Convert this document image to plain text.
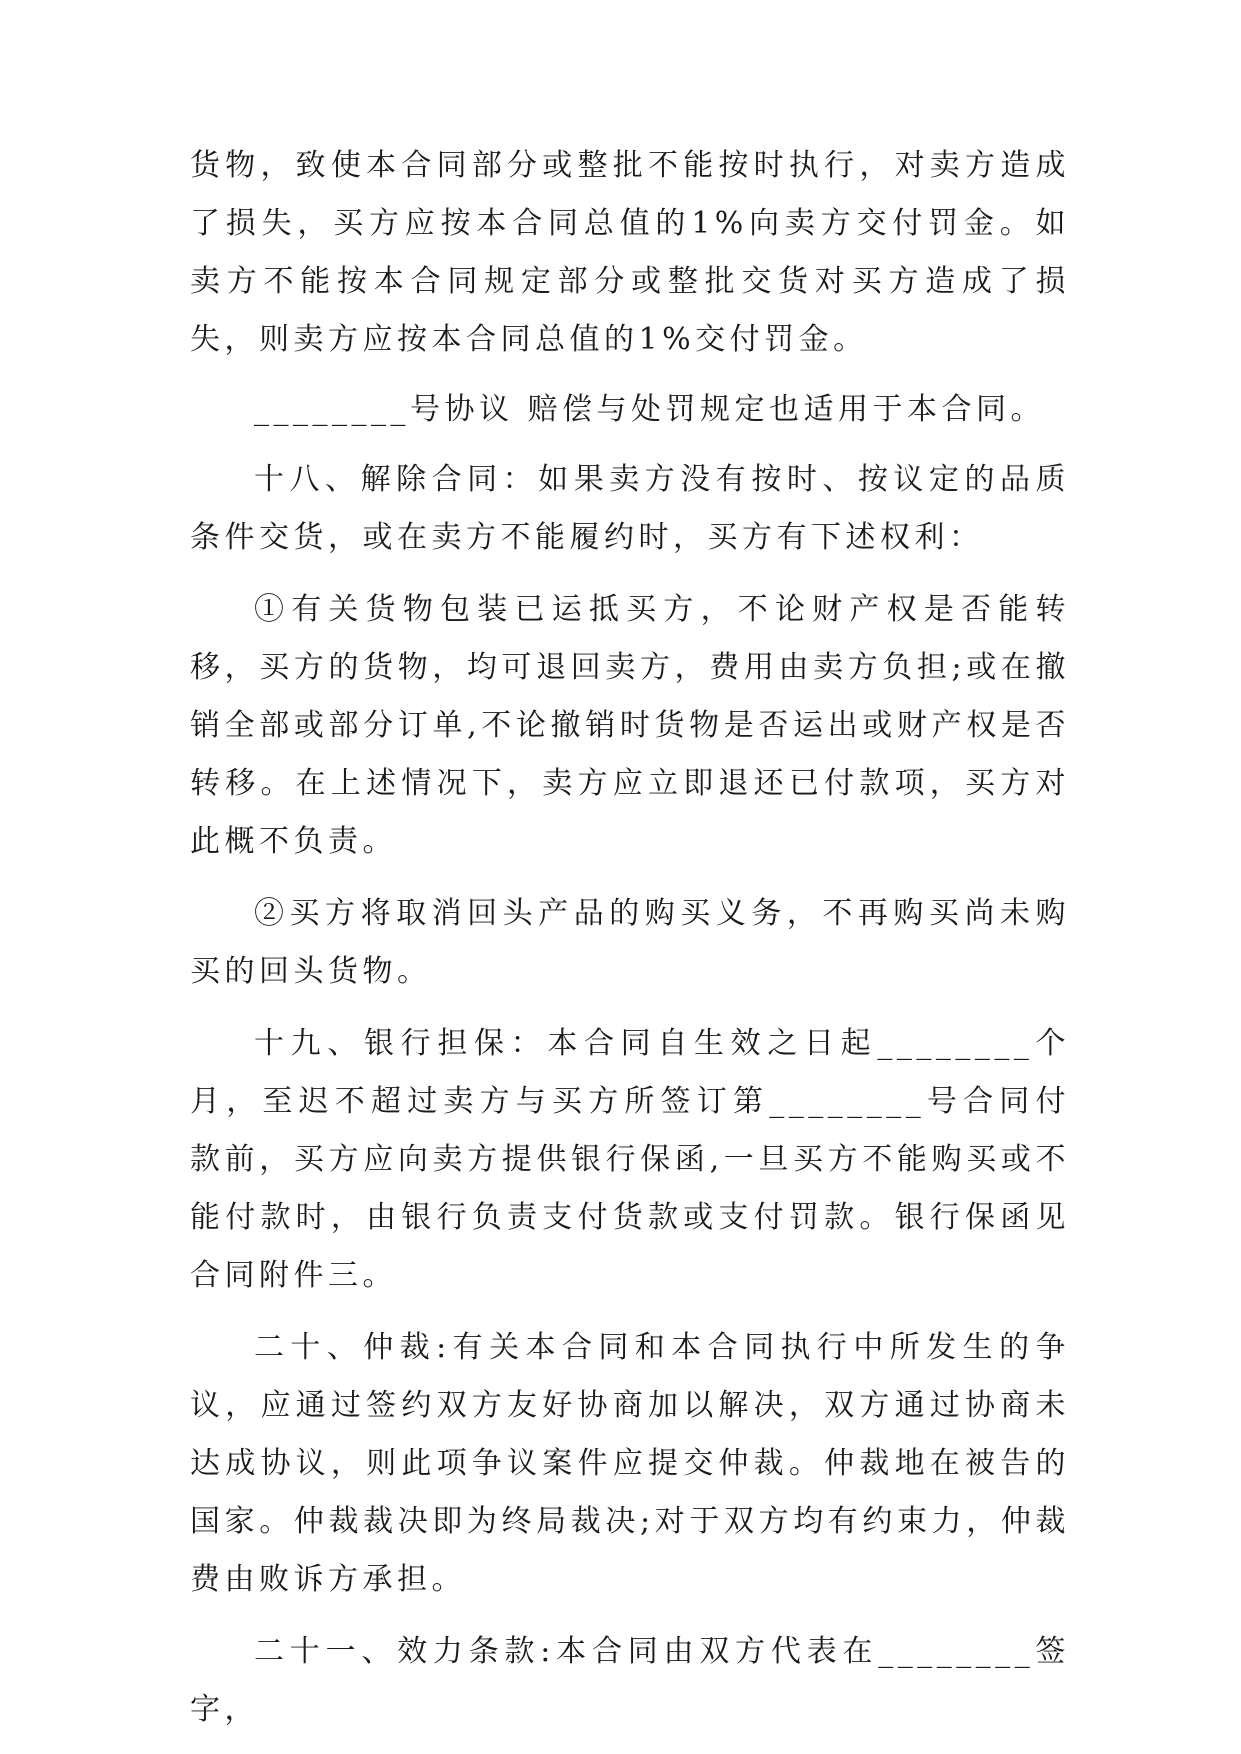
货物，致使本合同部分或整批不能按时执行，对卖方造成了损失，买方应按本合同总值的1%向卖方交付罚金。如卖方不能按本合同规定部分或整批交货对买方造成了损失，则卖方应按本合同总值的1%交付罚金。

________号协议 赔偿与处罚规定也适用于本合同。

十八、解除合同：如果卖方没有按时、按议定的品质条件交货，或在卖方不能履约时，买方有下述权利：

①有关货物包装已运抵买方，不论财产权是否能转移，买方的货物，均可退回卖方，费用由卖方负担;或在撤销全部或部分订单,不论撤销时货物是否运出或财产权是否转移。在上述情况下，卖方应立即退还已付款项，买方对此概不负责。

②买方将取消回头产品的购买义务，不再购买尚未购买的回头货物。

十九、银行担保：本合同自生效之日起________个月，至迟不超过卖方与买方所签订第________号合同付款前，买方应向卖方提供银行保函,一旦买方不能购买或不能付款时，由银行负责支付货款或支付罚款。银行保函见合同附件三。

二十、仲裁:有关本合同和本合同执行中所发生的争议，应通过签约双方友好协商加以解决，双方通过协商未达成协议，则此项争议案件应提交仲裁。仲裁地在被告的国家。仲裁裁决即为终局裁决;对于双方均有约束力，仲裁费由败诉方承担。

二十一、效力条款:本合同由双方代表在________签字，
